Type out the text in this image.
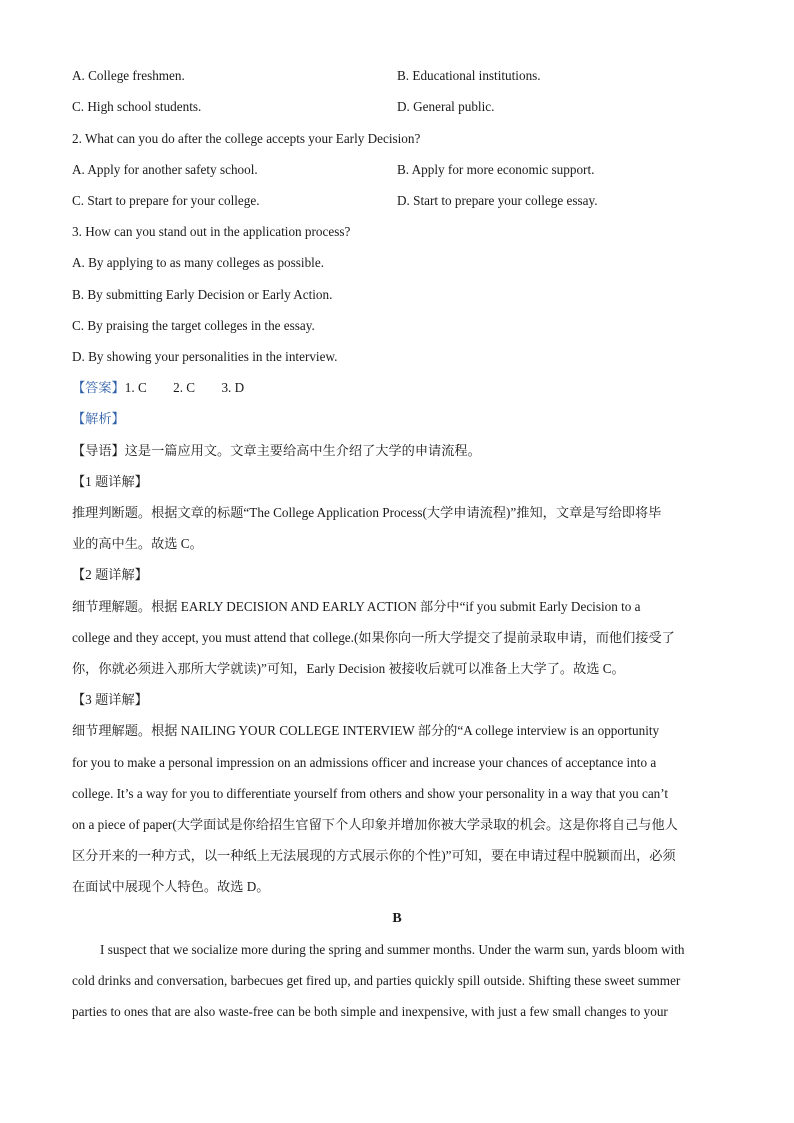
A. College freshmen.	B. Educational institutions.
C. High school students.	D. General public.
2. What can you do after the college accepts your Early Decision?
A. Apply for another safety school.	B. Apply for more economic support.
C. Start to prepare for your college.	D. Start to prepare your college essay.
3. How can you stand out in the application process?
A. By applying to as many colleges as possible.
B. By submitting Early Decision or Early Action.
C. By praising the target colleges in the essay.
D. By showing your personalities in the interview.
【答案】1. C        2. C        3. D
【解析】
【导语】这是一篇应用文。文章主要给高中生介绍了大学的申请流程。
【1 题详解】
推理判断题。根据文章的标题“The College Application Process(大学申请流程)”推知，文章是写给即将毕
业的高中生。故选 C。
【2 题详解】
细节理解题。根据 EARLY DECISION AND EARLY ACTION 部分中“if you submit Early Decision to a
college and they accept, you must attend that college.(如果你向一所大学提交了提前录取申请，而他们接受了
你，你就必须进入那所大学就读)”可知，Early Decision 被接收后就可以准备上大学了。故选 C。
【3 题详解】
细节理解题。根据 NAILING YOUR COLLEGE INTERVIEW 部分的“A college interview is an opportunity
for you to make a personal impression on an admissions officer and increase your chances of acceptance into a
college. It’s a way for you to differentiate yourself from others and show your personality in a way that you can’t
on a piece of paper(大学面试是你给招生官留下个人印象并增加你被大学录取的机会。这是你将自己与他人
区分开来的一种方式，以一种纸上无法展现的方式展示你的个性)”可知，要在申请过程中脱颖而出，必须
在面试中展现个人特色。故选 D。
B
I suspect that we socialize more during the spring and summer months. Under the warm sun, yards bloom with
cold drinks and conversation, barbecues get fired up, and parties quickly spill outside. Shifting these sweet summer
parties to ones that are also waste-free can be both simple and inexpensive, with just a few small changes to your
